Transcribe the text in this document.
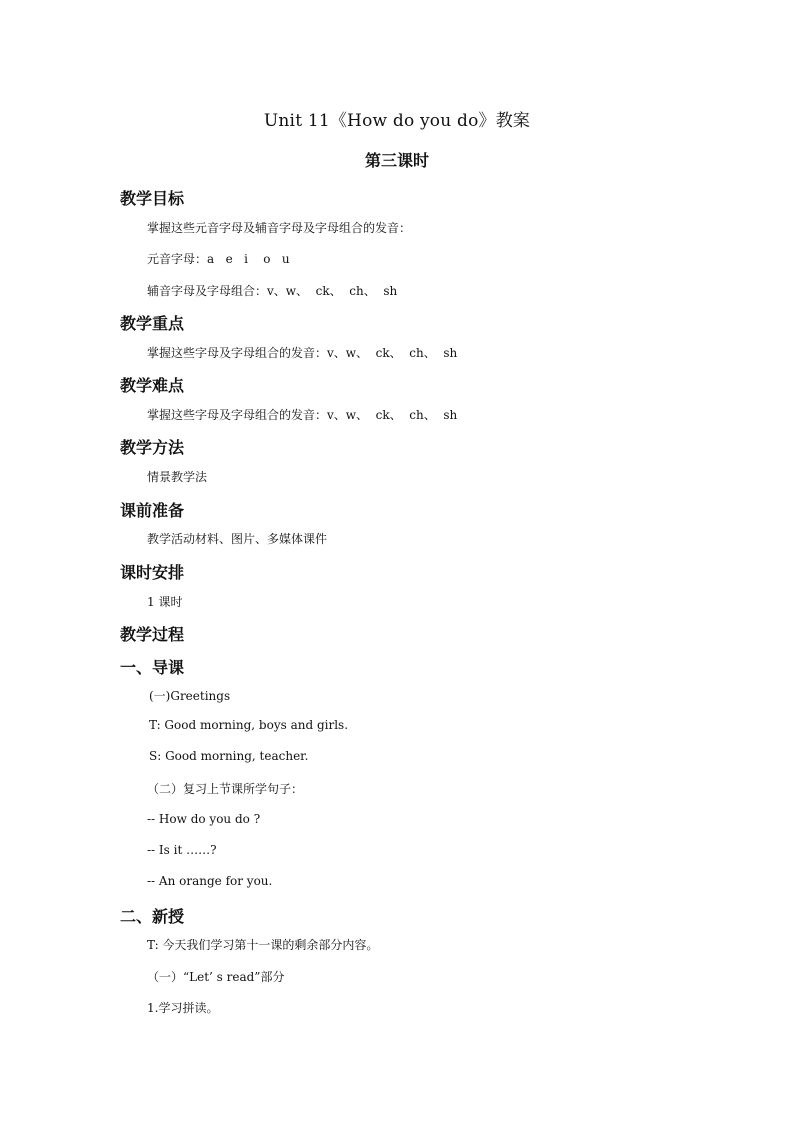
Unit 11《How do you do》教案
第三课时
教学目标
掌握这些元音字母及辅音字母及字母组合的发音：
元音字母：a   e   i    o   u
辅音字母及字母组合：v、w、  ck、  ch、  sh
教学重点
掌握这些字母及字母组合的发音：v、w、  ck、  ch、  sh
教学难点
掌握这些字母及字母组合的发音：v、w、  ck、  ch、  sh
教学方法
情景教学法
课前准备
教学活动材料、图片、多媒体课件
课时安排
1 课时
教学过程
一、导课
(一)Greetings
T: Good morning, boys and girls.
S: Good morning, teacher.
（二）复习上节课所学句子：
-- How do you do ?
-- Is it ……?
-- An orange for you.
二、新授
T: 今天我们学习第十一课的剩余部分内容。
（一）“Let’ s read”部分
1.学习拼读。
